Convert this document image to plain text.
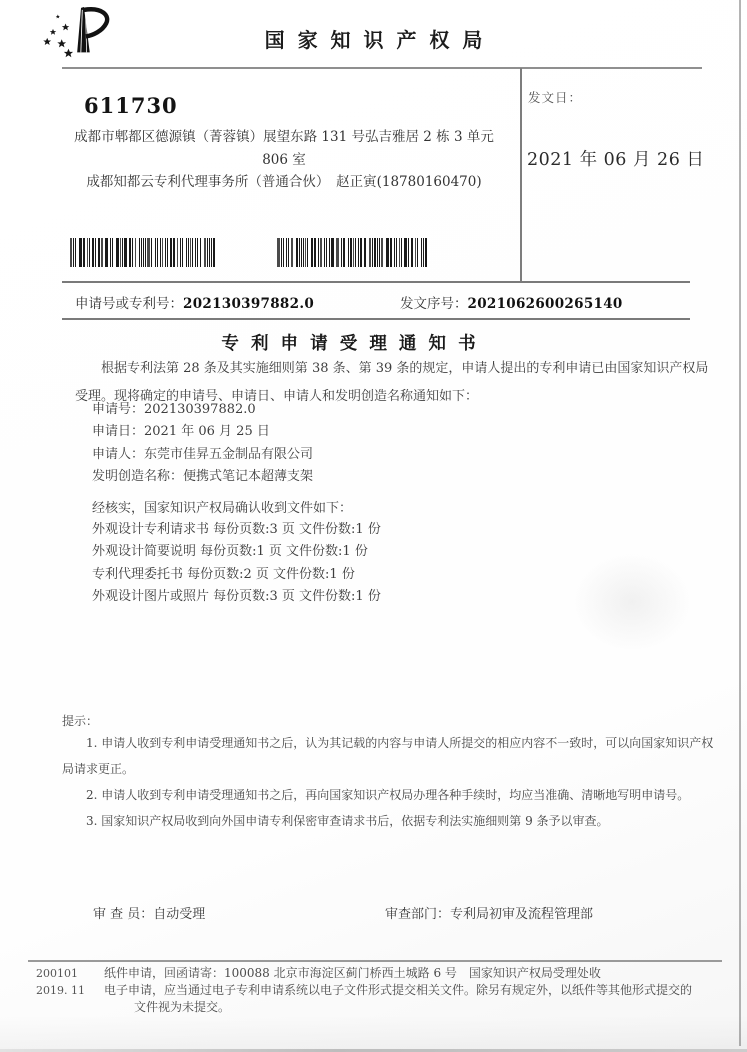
国 家 知 识 产 权 局
发文日：
2021 年 06 月 26 日
611730
成都市郫都区德源镇（菁蓉镇）展望东路 131 号弘吉雅居 2 栋 3 单元
806 室
成都知都云专利代理事务所（普通合伙）　赵正寅(18780160470)
申请号或专利号：202130397882.0	发文序号：2021062600265140
专 利 申 请 受 理 通 知 书

根据专利法第 28 条及其实施细则第 38 条、第 39 条的规定，申请人提出的专利申请已由国家知识产权局受理。现将确定的申请号、申请日、申请人和发明创造名称通知如下：

申请号：202130397882.0
申请日：2021 年 06 月 25 日
申请人：东莞市佳昇五金制品有限公司
发明创造名称：便携式笔记本超薄支架
经核实，国家知识产权局确认收到文件如下：
外观设计专利请求书 每份页数:3 页 文件份数:1 份
外观设计简要说明 每份页数:1 页 文件份数:1 份
专利代理委托书 每份页数:2 页 文件份数:1 份
外观设计图片或照片 每份页数:3 页 文件份数:1 份
提示：

1. 申请人收到专利申请受理通知书之后，认为其记载的内容与申请人所提交的相应内容不一致时，可以向国家知识产权局请求更正。

2. 申请人收到专利申请受理通知书之后，再向国家知识产权局办理各种手续时，均应当准确、清晰地写明申请号。

3. 国家知识产权局收到向外国申请专利保密审查请求书后，依据专利法实施细则第 9 条予以审查。

审 查 员：自动受理	审查部门：专利局初审及流程管理部
200101
2019. 11
纸件申请，回函请寄：100088 北京市海淀区蓟门桥西土城路 6 号　国家知识产权局受理处收
电子申请，应当通过电子专利申请系统以电子文件形式提交相关文件。除另有规定外，以纸件等其他形式提交的
文件视为未提交。
